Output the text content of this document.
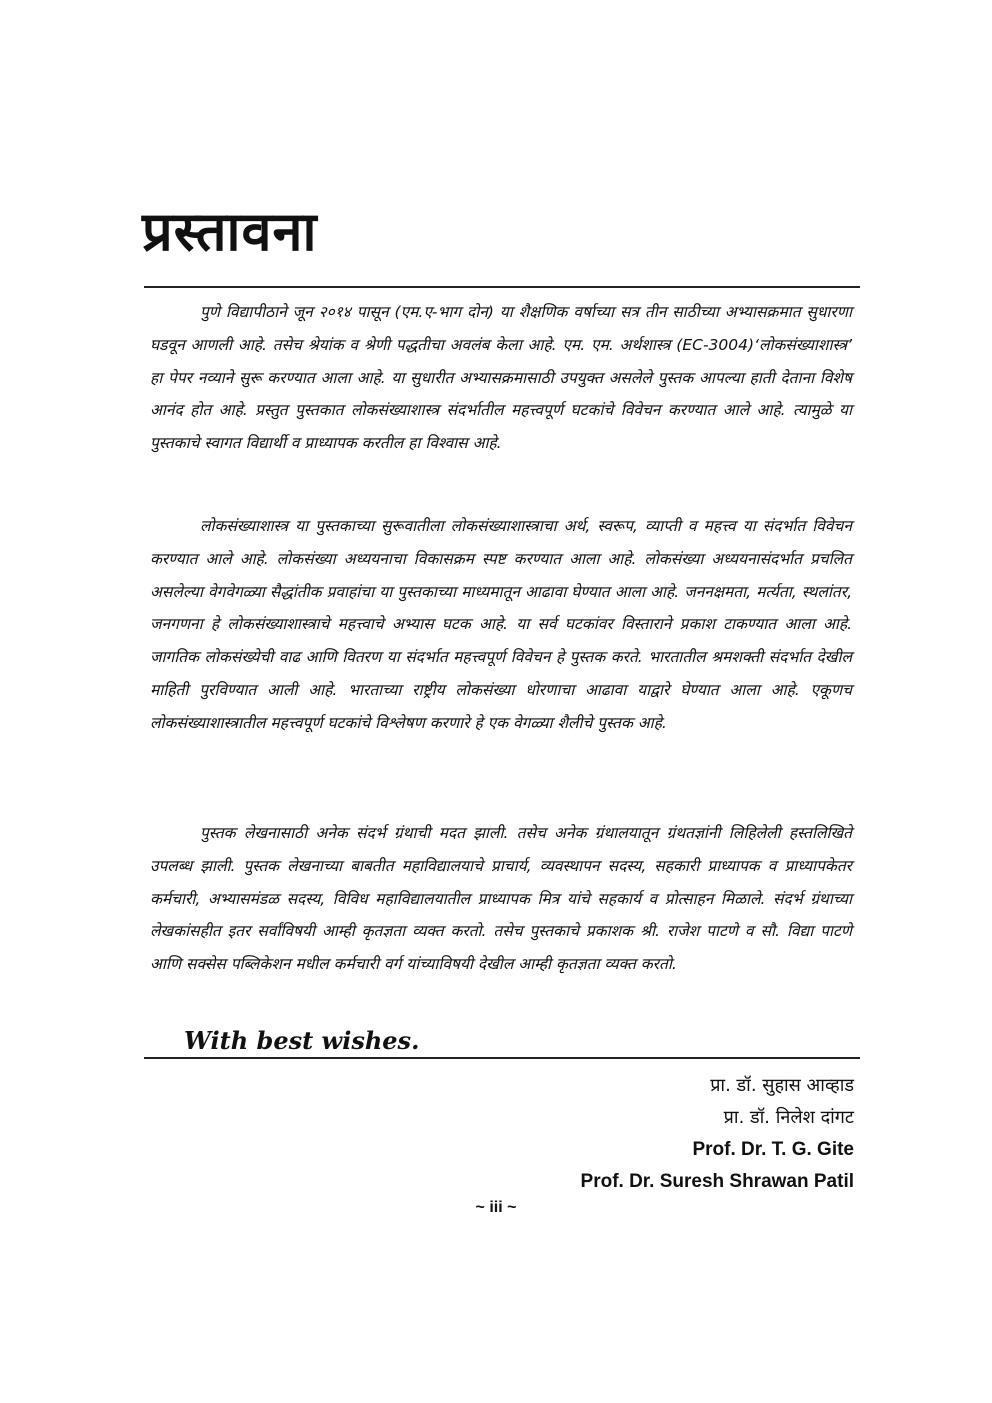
प्रस्तावना

पुणे विद्यापीठाने जून २०१४ पासून (एम.ए-भाग दोन) या शैक्षणिक वर्षाच्या सत्र तीन साठीच्या अभ्यासक्रमात सुधारणा घडवून आणली आहे. तसेच श्रेयांक व श्रेणी पद्धतीचा अवलंब केला आहे. एम. एम. अर्थशास्त्र (EC-3004)‘लोकसंख्याशास्त्र’ हा पेपर नव्याने सुरू करण्यात आला आहे. या सुधारीत अभ्यासक्रमासाठी उपयुक्त असलेले पुस्तक आपल्या हाती देताना विशेष आनंद होत आहे. प्रस्तुत पुस्तकात लोकसंख्याशास्त्र संदर्भातील महत्त्वपूर्ण घटकांचे विवेचन करण्यात आले आहे. त्यामुळे या पुस्तकाचे स्वागत विद्यार्थी व प्राध्यापक करतील हा विश्वास आहे.

लोकसंख्याशास्त्र या पुस्तकाच्या सुरूवातीला लोकसंख्याशास्त्राचा अर्थ, स्वरूप, व्याप्ती व महत्त्व या संदर्भात विवेचन करण्यात आले आहे. लोकसंख्या अध्ययनाचा विकासक्रम स्पष्ट करण्यात आला आहे. लोकसंख्या अध्ययनासंदर्भात प्रचलित असलेल्या वेगवेगळ्या सैद्धांतीक प्रवाहांचा या पुस्तकाच्या माध्यमातून आढावा घेण्यात आला आहे. जननक्षमता, मर्त्यता, स्थलांतर, जनगणना हे लोकसंख्याशास्त्राचे महत्त्वाचे अभ्यास घटक आहे. या सर्व घटकांवर विस्ताराने प्रकाश टाकण्यात आला आहे. जागतिक लोकसंख्येची वाढ आणि वितरण या संदर्भात महत्त्वपूर्ण विवेचन हे पुस्तक करते. भारतातील श्रमशक्ती संदर्भात देखील माहिती पुरविण्यात आली आहे. भारताच्या राष्ट्रीय लोकसंख्या धोरणाचा आढावा याद्वारे घेण्यात आला आहे. एकूणच लोकसंख्याशास्त्रातील महत्त्वपूर्ण घटकांचे विश्लेषण करणारे हे एक वेगळ्या शैलीचे पुस्तक आहे.

पुस्तक लेखनासाठी अनेक संदर्भ ग्रंथाची मदत झाली. तसेच अनेक ग्रंथालयातून ग्रंथतज्ञांनी लिहिलेली हस्तलिखिते उपलब्ध झाली. पुस्तक लेखनाच्या बाबतीत महाविद्यालयाचे प्राचार्य, व्यवस्थापन सदस्य, सहकारी प्राध्यापक व प्राध्यापकेतर कर्मचारी, अभ्यासमंडळ सदस्य, विविध महाविद्यालयातील प्राध्यापक मित्र यांचे सहकार्य व प्रोत्साहन मिळाले. संदर्भ ग्रंथाच्या लेखकांसहीत इतर सर्वांविषयी आम्ही कृतज्ञता व्यक्त करतो. तसेच पुस्तकाचे प्रकाशक श्री. राजेश पाटणे व सौ. विद्या पाटणे आणि सक्सेस पब्लिकेशन मधील कर्मचारी वर्ग यांच्याविषयी देखील आम्ही कृतज्ञता व्यक्त करतो.

With best wishes.

प्रा. डॉ. सुहास आव्हाड
प्रा. डॉ. निलेश दांगट
Prof. Dr. T. G. Gite
Prof. Dr. Suresh Shrawan Patil

~ iii ~
